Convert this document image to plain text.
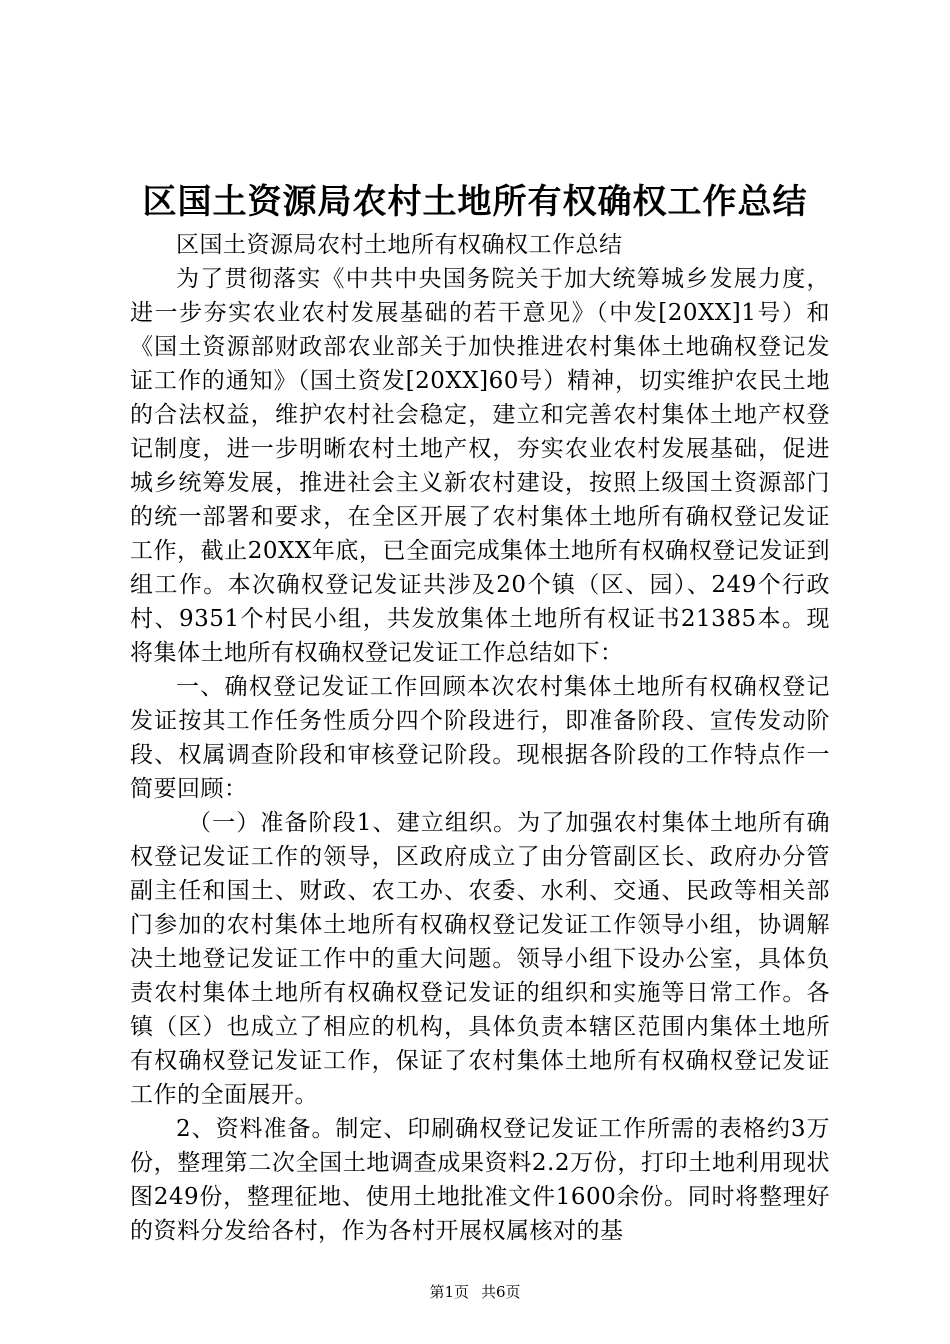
区国土资源局农村土地所有权确权工作总结

区国土资源局农村土地所有权确权工作总结

为了贯彻落实《中共中央国务院关于加大统筹城乡发展力度，进一步夯实农业农村发展基础的若干意见》（中发[20XX]1号）和《国土资源部财政部农业部关于加快推进农村集体土地确权登记发证工作的通知》（国土资发[20XX]60号）精神，切实维护农民土地的合法权益，维护农村社会稳定，建立和完善农村集体土地产权登记制度，进一步明晰农村土地产权，夯实农业农村发展基础，促进城乡统筹发展，推进社会主义新农村建设，按照上级国土资源部门的统一部署和要求，在全区开展了农村集体土地所有确权登记发证工作，截止20XX年底，已全面完成集体土地所有权确权登记发证到组工作。本次确权登记发证共涉及20个镇（区、园）、249个行政村、9351个村民小组，共发放集体土地所有权证书21385本。现将集体土地所有权确权登记发证工作总结如下：

一、确权登记发证工作回顾本次农村集体土地所有权确权登记发证按其工作任务性质分四个阶段进行，即准备阶段、宣传发动阶段、权属调查阶段和审核登记阶段。现根据各阶段的工作特点作一简要回顾：

（一）准备阶段1、建立组织。为了加强农村集体土地所有确权登记发证工作的领导，区政府成立了由分管副区长、政府办分管副主任和国土、财政、农工办、农委、水利、交通、民政等相关部门参加的农村集体土地所有权确权登记发证工作领导小组，协调解决土地登记发证工作中的重大问题。领导小组下设办公室，具体负责农村集体土地所有权确权登记发证的组织和实施等日常工作。各镇（区）也成立了相应的机构，具体负责本辖区范围内集体土地所有权确权登记发证工作，保证了农村集体土地所有权确权登记发证工作的全面展开。

2、资料准备。制定、印刷确权登记发证工作所需的表格约3万份，整理第二次全国土地调查成果资料2.2万份，打印土地利用现状图249份，整理征地、使用土地批准文件1600余份。同时将整理好的资料分发给各村，作为各村开展权属核对的基

第1页 共6页
